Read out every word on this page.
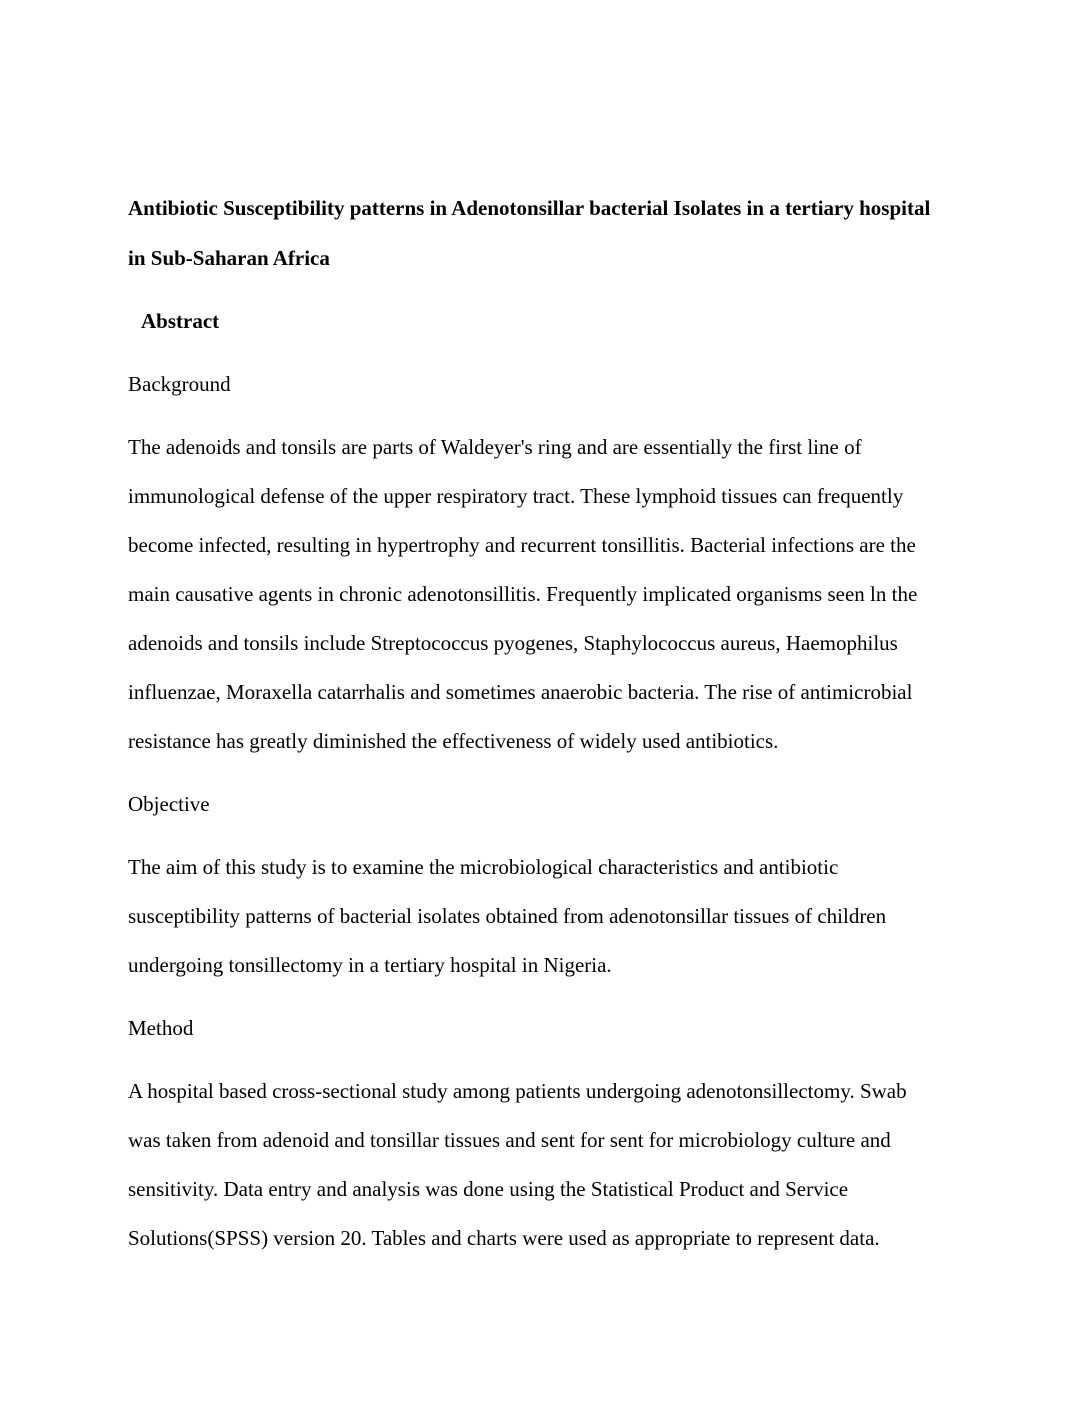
Antibiotic Susceptibility patterns in Adenotonsillar bacterial Isolates in a tertiary hospital
in Sub-Saharan Africa
Abstract
Background
The adenoids and tonsils are parts of Waldeyer's ring and are essentially the first line of
immunological defense of the upper respiratory tract. These lymphoid tissues can frequently
become infected, resulting in hypertrophy and recurrent tonsillitis. Bacterial infections are the
main causative agents in chronic adenotonsillitis. Frequently implicated organisms seen ln the
adenoids and tonsils include Streptococcus pyogenes, Staphylococcus aureus, Haemophilus
influenzae, Moraxella catarrhalis and sometimes anaerobic bacteria. The rise of antimicrobial
resistance has greatly diminished the effectiveness of widely used antibiotics.
Objective
The aim of this study is to examine the microbiological characteristics and antibiotic
susceptibility patterns of bacterial isolates obtained from adenotonsillar tissues of children
undergoing tonsillectomy in a tertiary hospital in Nigeria.
Method
A hospital based cross-sectional study among patients undergoing adenotonsillectomy. Swab
was taken from adenoid and tonsillar tissues and sent for sent for microbiology culture and
sensitivity. Data entry and analysis was done using the Statistical Product and Service
Solutions(SPSS) version 20. Tables and charts were used as appropriate to represent data.
